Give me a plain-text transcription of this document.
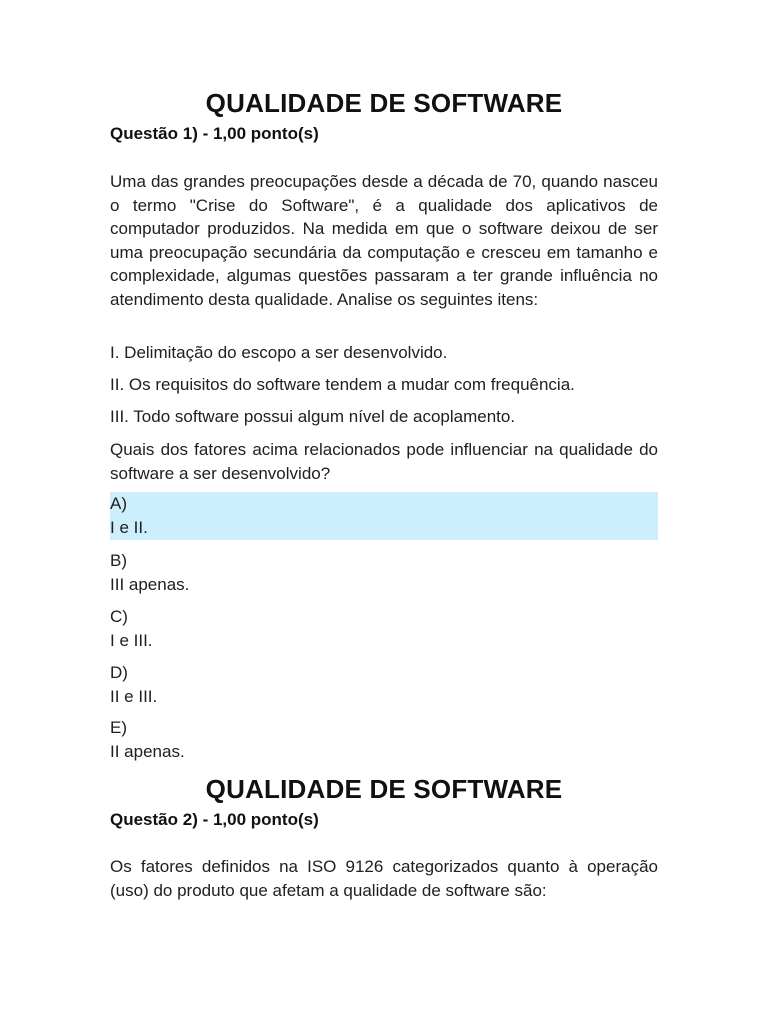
QUALIDADE DE SOFTWARE

Questão 1) - 1,00 ponto(s)

Uma das grandes preocupações desde a década de 70, quando nasceu o termo "Crise do Software", é a qualidade dos aplicativos de computador produzidos. Na medida em que o software deixou de ser uma preocupação secundária da computação e cresceu em tamanho e complexidade, algumas questões passaram a ter grande influência no atendimento desta qualidade. Analise os seguintes itens:

I. Delimitação do escopo a ser desenvolvido.

II. Os requisitos do software tendem a mudar com frequência.

III. Todo software possui algum nível de acoplamento.

Quais dos fatores acima relacionados pode influenciar na qualidade do software a ser desenvolvido?

A)
I e II.
B)
III apenas.
C)
I e III.
D)
II e III.
E)
II apenas.
QUALIDADE DE SOFTWARE

Questão 2) - 1,00 ponto(s)

Os fatores definidos na ISO 9126 categorizados quanto à operação (uso) do produto que afetam a qualidade de software são:
